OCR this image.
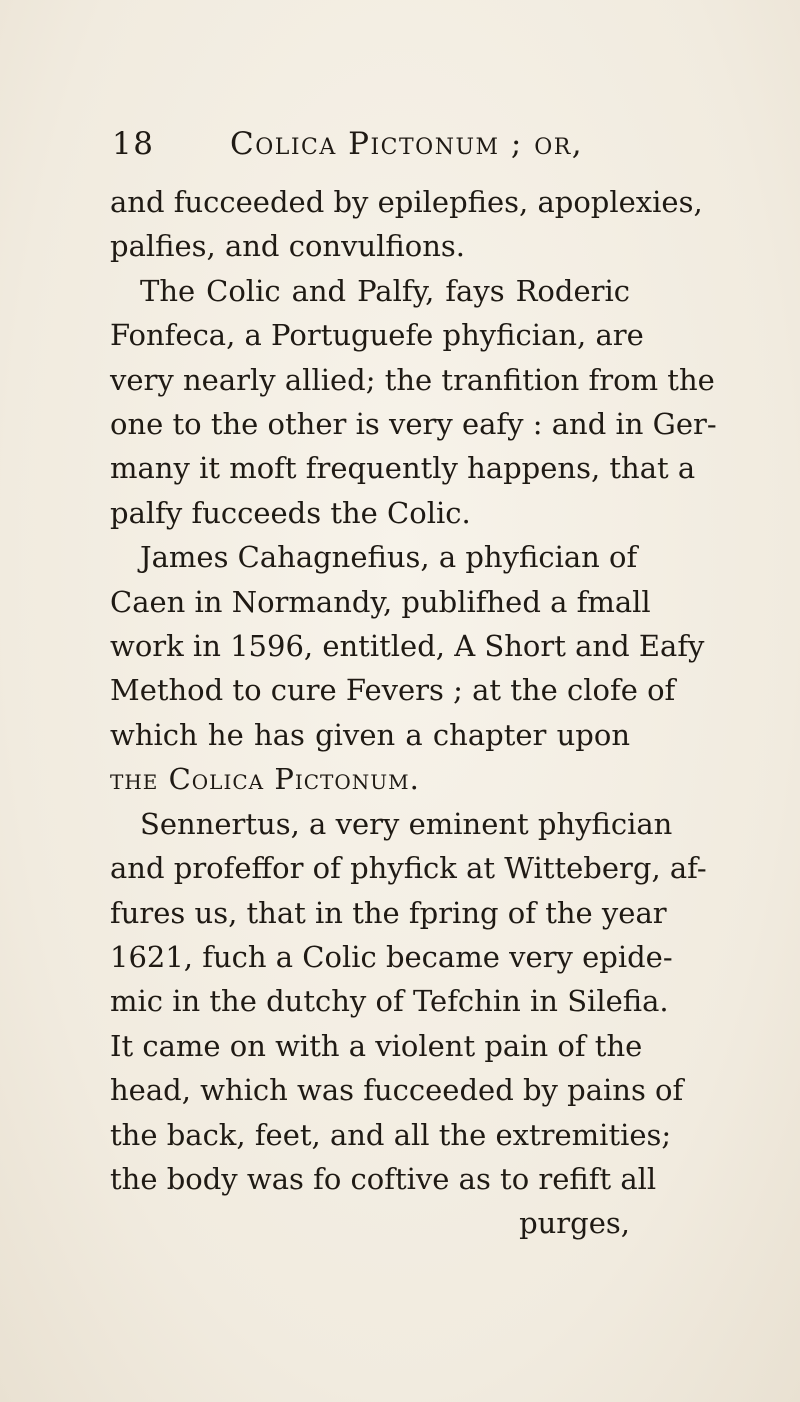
18 Colica Pictonum ; or,
and fucceeded by epilepfies, apoplexies,
palfies, and convulfions.
The Colic and Palfy, fays Roderic
Fonfeca, a Portuguefe phyfician, are
very nearly allied; the tranfition from the
one to the other is very eafy : and in Ger-
many it moft frequently happens, that a
palfy fucceeds the Colic.
James Cahagnefius, a phyfician of
Caen in Normandy, publifhed a fmall
work in 1596, entitled, A Short and Eafy
Method to cure Fevers ; at the clofe of
which he has given a chapter upon
the Colica Pictonum.
Sennertus, a very eminent phyfician
and profeffor of phyfick at Witteberg, af-
fures us, that in the fpring of the year
1621, fuch a Colic became very epide-
mic in the dutchy of Tefchin in Silefia.
It came on with a violent pain of the
head, which was fucceeded by pains of
the back, feet, and all the extremities;
the body was fo coftive as to refift all
purges,
